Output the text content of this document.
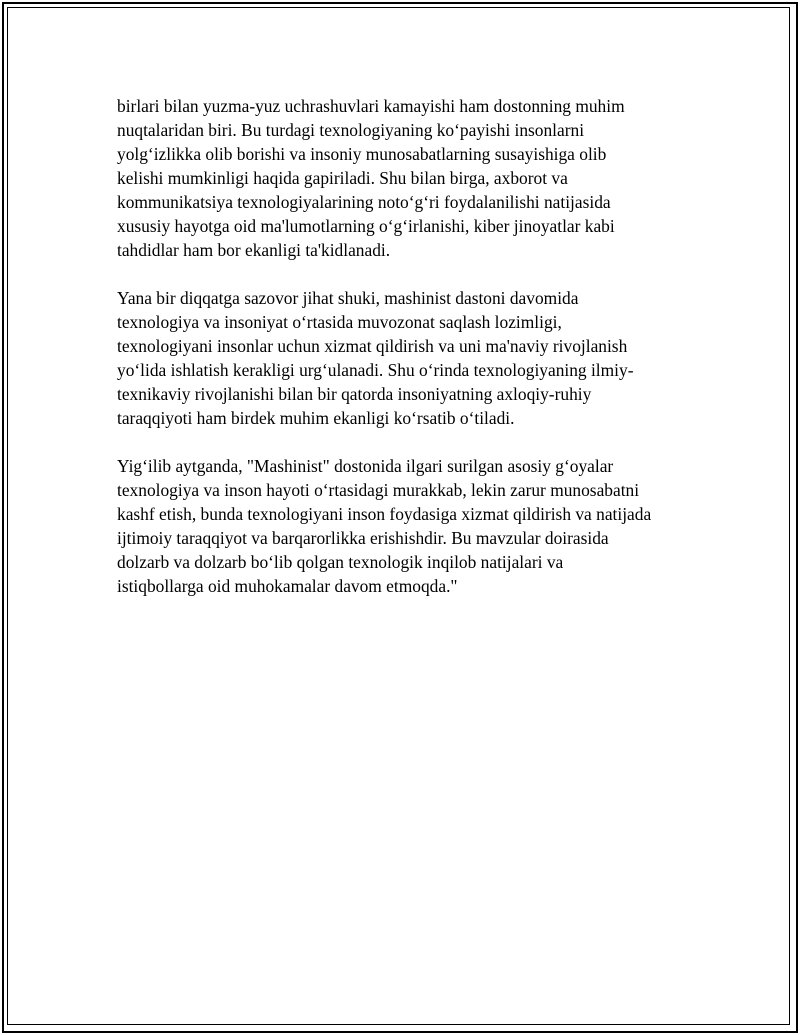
birlari bilan yuzma-yuz uchrashuvlari kamayishi ham dostonning muhim
nuqtalaridan biri. Bu turdagi texnologiyaning ko‘payishi insonlarni
yolg‘izlikka olib borishi va insoniy munosabatlarning susayishiga olib
kelishi mumkinligi haqida gapiriladi. Shu bilan birga, axborot va
kommunikatsiya texnologiyalarining noto‘g‘ri foydalanilishi natijasida
xususiy hayotga oid ma'lumotlarning o‘g‘irlanishi, kiber jinoyatlar kabi
tahdidlar ham bor ekanligi ta'kidlanadi.
Yana bir diqqatga sazovor jihat shuki, mashinist dastoni davomida
texnologiya va insoniyat o‘rtasida muvozonat saqlash lozimligi,
texnologiyani insonlar uchun xizmat qildirish va uni ma'naviy rivojlanish
yo‘lida ishlatish kerakligi urg‘ulanadi. Shu o‘rinda texnologiyaning ilmiy-
texnikaviy rivojlanishi bilan bir qatorda insoniyatning axloqiy-ruhiy
taraqqiyoti ham birdek muhim ekanligi ko‘rsatib o‘tiladi.
Yig‘ilib aytganda, "Mashinist" dostonida ilgari surilgan asosiy g‘oyalar
texnologiya va inson hayoti o‘rtasidagi murakkab, lekin zarur munosabatni
kashf etish, bunda texnologiyani inson foydasiga xizmat qildirish va natijada
ijtimoiy taraqqiyot va barqarorlikka erishishdir. Bu mavzular doirasida
dolzarb va dolzarb bo‘lib qolgan texnologik inqilob natijalari va
istiqbollarga oid muhokamalar davom etmoqda."
